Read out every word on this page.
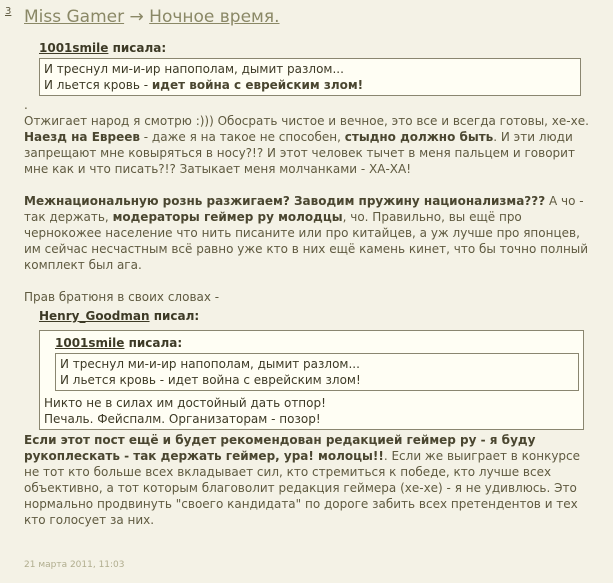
3 Miss Gamer → Ночное время.
1001smile писала:
И треснул ми-и-ир напополам, дымит разлом...
И льется кровь - идет война с еврейским злом!

.

Отжигает народ я смотрю :))) Обосрать чистое и вечное, это все и всегда готовы, хе-хе. Наезд на Евреев - даже я на такое не способен, стыдно должно быть. И эти люди запрещают мне ковыряться в носу?!? И этот человек тычет в меня пальцем и говорит мне как и что писать?!? Затыкает меня молчанками - ХА-ХА!

Межнациональную рознь разжигаем? Заводим пружину национализма??? А чо - так держать, модераторы геймер ру молодцы, чо. Правильно, вы ещё про чернокожее население что нить писаните или про китайцев, а уж лучше про японцев, им сейчас несчастным всё равно уже кто в них ещё камень кинет, что бы точно полный комплект был ага.

Прав братюня в своих словах -

Henry_Goodman писал:
1001smile писала:
И треснул ми-и-ир напополам, дымит разлом...
И льется кровь - идет война с еврейским злом!
Никто не в силах им достойный дать отпор!
Печаль. Фейспалм. Организаторам - позор!

Если этот пост ещё и будет рекомендован редакцией геймер ру - я буду рукоплескать - так держать геймер, ура! молоцы!!. Если же выиграет в конкурсе не тот кто больше всех вкладывает сил, кто стремиться к победе, кто лучше всех объективно, а тот которым благоволит редакция геймера (хе-хе) - я не удивлюсь. Это нормально продвинуть "своего кандидата" по дороге забить всех претендентов и тех кто голосует за них.

21 марта 2011, 11:03
